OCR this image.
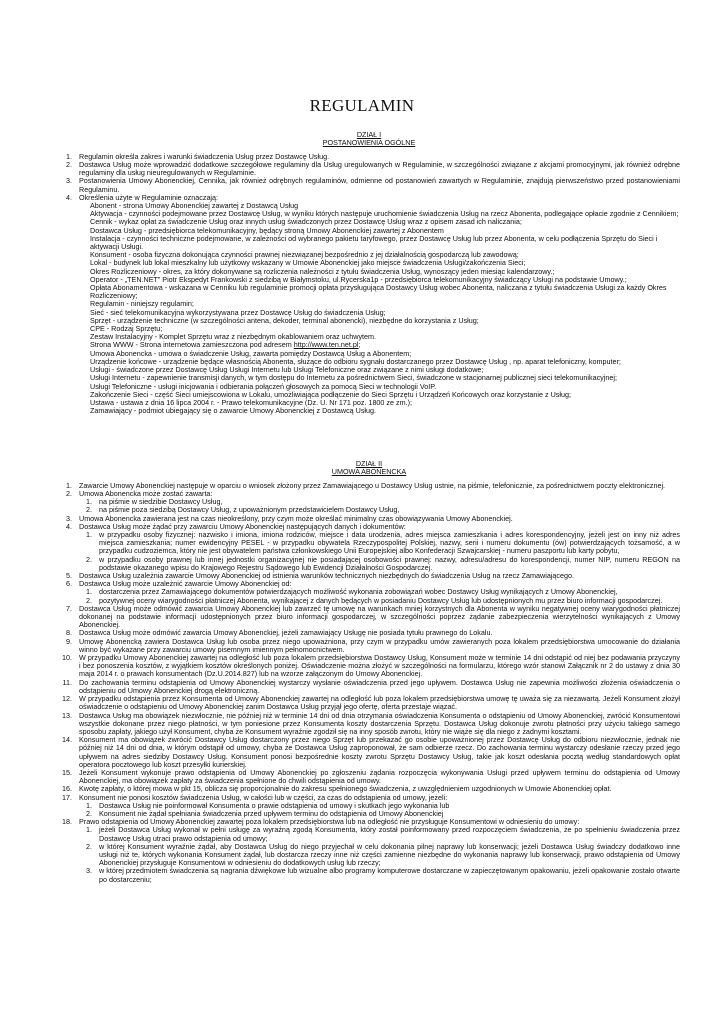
REGULAMIN
DZIAŁ I
POSTANOWIENIA OGÓLNE
1. Regulamin określa zakres i warunki świadczenia Usług przez Dostawcę Usług.
2. Dostawca Usług może wprowadzić dodatkowe szczegółowe regulaminy dla Usług uregulowanych w Regulaminie, w szczególności związane z akcjami promocyjnymi, jak również odrębne regulaminy dla usług nieuregulowanych w Regulaminie.
3. Postanowienia Umowy Abonenckiej, Cennika, jak również odrębnych regulaminów, odmienne od postanowień zawartych w Regulaminie, znajdują pierwszeństwo przed postanowieniami Regulaminu.
4. Określenia użyte w Regulaminie oznaczają:
Abonent - strona Umowy Abonenckiej zawartej z Dostawcą Usług
Aktywacja - czynności podejmowane przez Dostawcę Usług, w wyniku których następuje uruchomienie świadczenia Usług na rzecz Abonenta, podlegające opłacie zgodnie z Cennikiem;
Cennik - wykaz opłat za świadczenie Usług oraz innych usług świadczonych przez Dostawcę Usług wraz z opisem zasad ich naliczania;
Dostawca Usług - przedsiębiorca telekomunikacyjny, będący stroną Umowy Abonenckiej zawartej z Abonentem
Instalacja - czynności techniczne podejmowane, w zależności od wybranego pakietu taryfowego, przez Dostawcę Usług lub przez Abonenta, w celu podłączenia Sprzętu do Sieci i aktywacji Usługi.
Konsument - osoba fizyczna dokonująca czynności prawnej niezwiązanej bezpośrednio z jej działalnością gospodarczą lub zawodową;
Lokal - budynek lub lokal mieszkalny lub użytkowy wskazany w Umowie Abonenckiej jako miejsce świadczenia Usługi/zakończenia Sieci;
Okres Rozliczeniowy - okres, za który dokonywane są rozliczenia należności z tytułu świadczenia Usług, wynoszący jeden miesiąc kalendarzowy.;
Operator - „TEN.NET” Piotr Ekspedyt Frankowski z siedzibą w Białymstoku, ul.Rycerska1p - przedsiębiorca telekomunikacyjny świadczący Usługi na podstawie Umowy.;
Opłata Abonamentowa - wskazana w Cenniku lub regulaminie promocji opłata przysługująca Dostawcy Usług wobec Abonenta, naliczana z tytułu świadczenia Usługi za każdy Okres Rozliczeniowy;
Regulamin - niniejszy regulamin;
Sieć - sieć telekomunikacyjna wykorzystywana przez Dostawcę Usług do świadczenia Usług;
Sprzęt - urządzenie techniczne (w szczególności antena, dekoder, terminal abonencki), niezbędne do korzystania z Usług;
CPE - Rodzaj Sprzętu;
Zestaw Instalacyjny - Komplet Sprzętu wraz z niezbędnym okablowaniem oraz uchwytem.
Strona WWW - Strona internetowa zamieszczona pod adresem http://www.ten.net.pl;
Umowa Abonencka - umowa o świadczenie Usług, zawarta pomiędzy Dostawcą Usług a Abonentem;
Urządzenie końcowe - urządzenie będące własnością Abonenta, służące do odbioru sygnału dostarczanego przez Dostawcę Usług , np. aparat telefoniczny, komputer;
Usługi - świadczone przez Dostawcę Usług Usługi Internetu lub Usługi Telefoniczne oraz związane z nimi usługi dodatkowe;
Usługi Internetu - zapewnienie transmisji danych, w tym dostępu do Internetu za pośrednictwem Sieci, świadczone w stacjonarnej publicznej sieci telekomunikacyjnej;
Usługi Telefoniczne - usługi inicjowania i odbierania połączeń głosowych za pomocą Sieci w technologii VoIP.
Zakończenie Sieci - część Sieci umiejscowiona w Lokalu, umożliwiająca podłączenie do Sieci Sprzętu i Urządzeń Końcowych oraz korzystanie z Usług;
Ustawa - ustawa z dnia 16 lipca 2004 r. - Prawo telekomunikacyjne (Dz. U. Nr 171 poz. 1800 ze zm.);
Zamawiający - podmiot ubiegający się o zawarcie Umowy Abonenckiej z Dostawcą Usług.
DZIAŁ II
UMOWA ABONENCKA
1. Zawarcie Umowy Abonenckiej następuje w oparciu o wniosek złożony przez Zamawiającego u Dostawcy Usług ustnie, na piśmie, telefonicznie, za pośrednictwem poczty elektronicznej.
2. Umowa Abonencka może zostać zawarta:
1. na piśmie w siedzibie Dostawcy Usług,
2. na piśmie poza siedzibą Dostawcy Usług, z upoważnionym przedstawicielem Dostawcy Usług,
3. Umowa Abonencka zawierana jest na czas nieokreślony, przy czym może określać minimalny czas obowiązywania Umowy Abonenckiej.
4. Dostawca Usług może żądać przy zawarciu Umowy Abonenckiej następujących danych i dokumentów:
1. w przypadku osoby fizycznej: nazwisko i imiona, imiona rodziców, miejsce i data urodzenia, adres miejsca zamieszkania i adres korespondencyjny, jeżeli jest on inny niż adres miejsca zamieszkania; numer ewidencyjny PESEL - w przypadku obywatela Rzeczypospolitej Polskiej, nazwy, serii i numeru dokumentu (ów) potwierdzających tożsamość, a w przypadku cudzoziemca, który nie jest obywatelem państwa członkowskiego Unii Europejskiej albo Konfederacji Szwajcarskiej - numeru paszportu lub karty pobytu,
2. w przypadku osoby prawnej lub innej jednostki organizacyjnej nie posiadającej osobowości prawnej: nazwy, adresu/adresu do korespondencji, numer NIP, numeru REGON na podstawie okazanego wpisu do Krajowego Rejestru Sądowego lub Ewidencji Działalności Gospodarczej.
5. Dostawca Usług uzależnia zawarcie Umowy Abonenckiej od istnienia warunków technicznych niezbędnych do świadczenia Usług na rzecz Zamawiającego.
6. Dostawca Usług może uzależnić zawarcie Umowy Abonenckiej od:
1. dostarczenia przez Zamawiającego dokumentów potwierdzających możliwość wykonania zobowiązań wobec Dostawcy Usług wynikających z Umowy Abonenckiej,
2. pozytywnej oceny wiarygodności płatniczej Abonenta, wynikającej z danych będących w posiadaniu Dostawcy Usług lub udostępnionych mu przez biuro informacji gospodarczej.
7. Dostawca Usług może odmówić zawarcia Umowy Abonenckiej lub zawrzeć tę umowę na warunkach mniej korzystnych dla Abonenta w wyniku negatywnej oceny wiarygodności płatniczej dokonanej na podstawie informacji udostępnionych przez biuro informacji gospodarczej, w szczególności poprzez żądanie zabezpieczenia wierzytelności wynikających z Umowy Abonenckiej.
8. Dostawca Usług może odmówić zawarcia Umowy Abonenckiej, jeżeli zamawiający Usługę nie posiada tytułu prawnego do Lokalu.
9. Umowę Abonencką zawiera Dostawca Usług lub osoba przez niego upoważniona, przy czym w przypadku umów zawieranych poza lokalem przedsiębiorstwa umocowanie do działania winno być wykazane przy zawarciu umowy pisemnym imiennym pełnomocnictwem.
10. W przypadku Umowy Abonenckiej zawartej na odległość lub poza lokalem przedsiębiorstwa Dostawcy Usług, Konsument może w terminie 14 dni odstąpić od niej bez podawania przyczyny i bez ponoszenia kosztów, z wyjątkiem kosztów określonych poniżej. Oświadczenie można złożyć w szczególności na formularzu, którego wzór stanowi Załącznik nr 2 do ustawy z dnia 30 maja 2014 r. o prawach konsumentach (Dz.U.2014.827) lub na wzorze załączonym do Umowy Abonenckiej.
11. Do zachowania terminu odstąpienia od Umowy Abonenckiej wystarczy wysłanie oświadczenia przed jego upływem. Dostawca Usług nie zapewnia możliwości złożenia oświadczenia o odstąpieniu od Umowy Abonenckiej drogą elektroniczną.
12. W przypadku odstąpienia przez Konsumenta od Umowy Abonenckiej zawartej na odległość lub poza lokalem przedsiębiorstwa umowę tę uważa się za niezawartą. Jeżeli Konsument złożył oświadczenie o odstąpieniu od Umowy Abonenckiej zanim Dostawca Usług przyjął jego ofertę, oferta przestaje wiązać.
13. Dostawca Usług ma obowiązek niezwłocznie, nie później niż w terminie 14 dni od dnia otrzymania oświadczenia Konsumenta o odstąpieniu od Umowy Abonenckiej, zwrócić Konsumentowi wszystkie dokonane przez niego płatności, w tym poniesione przez Konsumenta koszty dostarczenia Sprzętu. Dostawca Usług dokonuje zwrotu płatności przy użyciu takiego samego sposobu zapłaty, jakiego użył Konsument, chyba że Konsument wyraźnie zgodził się na inny sposób zwrotu, który nie wiąże się dla niego z żadnymi kosztami.
14. Konsument ma obowiązek zwrócić Dostawcy Usług dostarczony przez niego Sprzęt lub przekazać go osobie upoważnionej przez Dostawcę Usług do odbioru niezwłocznie, jednak nie później niż 14 dni od dnia, w którym odstąpił od umowy, chyba że Dostawca Usług zaproponował, że sam odbierze rzecz. Do zachowania terminu wystarczy odesłanie rzeczy przed jego upływem na adres siedziby Dostawcy Usług. Konsument ponosi bezpośrednie koszty zwrotu Sprzętu Dostawcy Usług, takie jak koszt odesłania pocztą według standardowych opłat operatora pocztowego lub koszt przesyłki kurierskiej.
15. Jeżeli Konsument wykonuje prawo odstąpienia od Umowy Abonenckiej po zgłoszeniu żądania rozpoczęcia wykonywania Usługi przed upływem terminu do odstąpienia od Umowy Abonenckiej, ma obowiązek zapłaty za świadczenia spełnione do chwili odstąpienia od umowy.
16. Kwotę zapłaty, o której mowa w pkt 15, oblicza się proporcjonalnie do zakresu spełnionego świadczenia, z uwzględnieniem uzgodnionych w Umowie Abonenckiej opłat.
17. Konsument nie ponosi kosztów świadczenia Usług, w całości lub w części, za czas do odstąpienia od umowy, jeżeli:
1. Dostawca Usług nie poinformował Konsumenta o prawie odstąpienia od umowy i skutkach jego wykonania lub
2. Konsument nie żądał spełniania świadczenia przed upływem terminu do odstąpienia od Umowy Abonenckiej
18. Prawo odstąpienia od Umowy Abonenckiej zawartej poza lokalem przedsiębiorstwa lub na odległość nie przysługuje Konsumentowi w odniesieniu do umowy:
1. jeżeli Dostawca Usług wykonał w pełni usługę za wyraźną zgodą Konsumenta, który został poinformowany przed rozpoczęciem świadczenia, że po spełnieniu świadczenia przez Dostawcę Usług utraci prawo odstąpienia od umowy;
2. w której Konsument wyraźnie żądał, aby Dostawca Usług do niego przyjechał w celu dokonania pilnej naprawy lub konserwacji; jeżeli Dostawca Usług świadczy dodatkowo inne usługi niż te, których wykonania Konsument żądał, lub dostarcza rzeczy inne niż części zamienne niezbędne do wykonania naprawy lub konserwacji, prawo odstąpienia od Umowy Abonenckiej przysługuje Konsumentowi w odniesieniu do dodatkowych usług lub rzeczy;
3. w której przedmiotem świadczenia są nagrania dźwiękowe lub wizualne albo programy komputerowe dostarczane w zapieczętowanym opakowaniu, jeżeli opakowanie zostało otwarte po dostarczeniu;
